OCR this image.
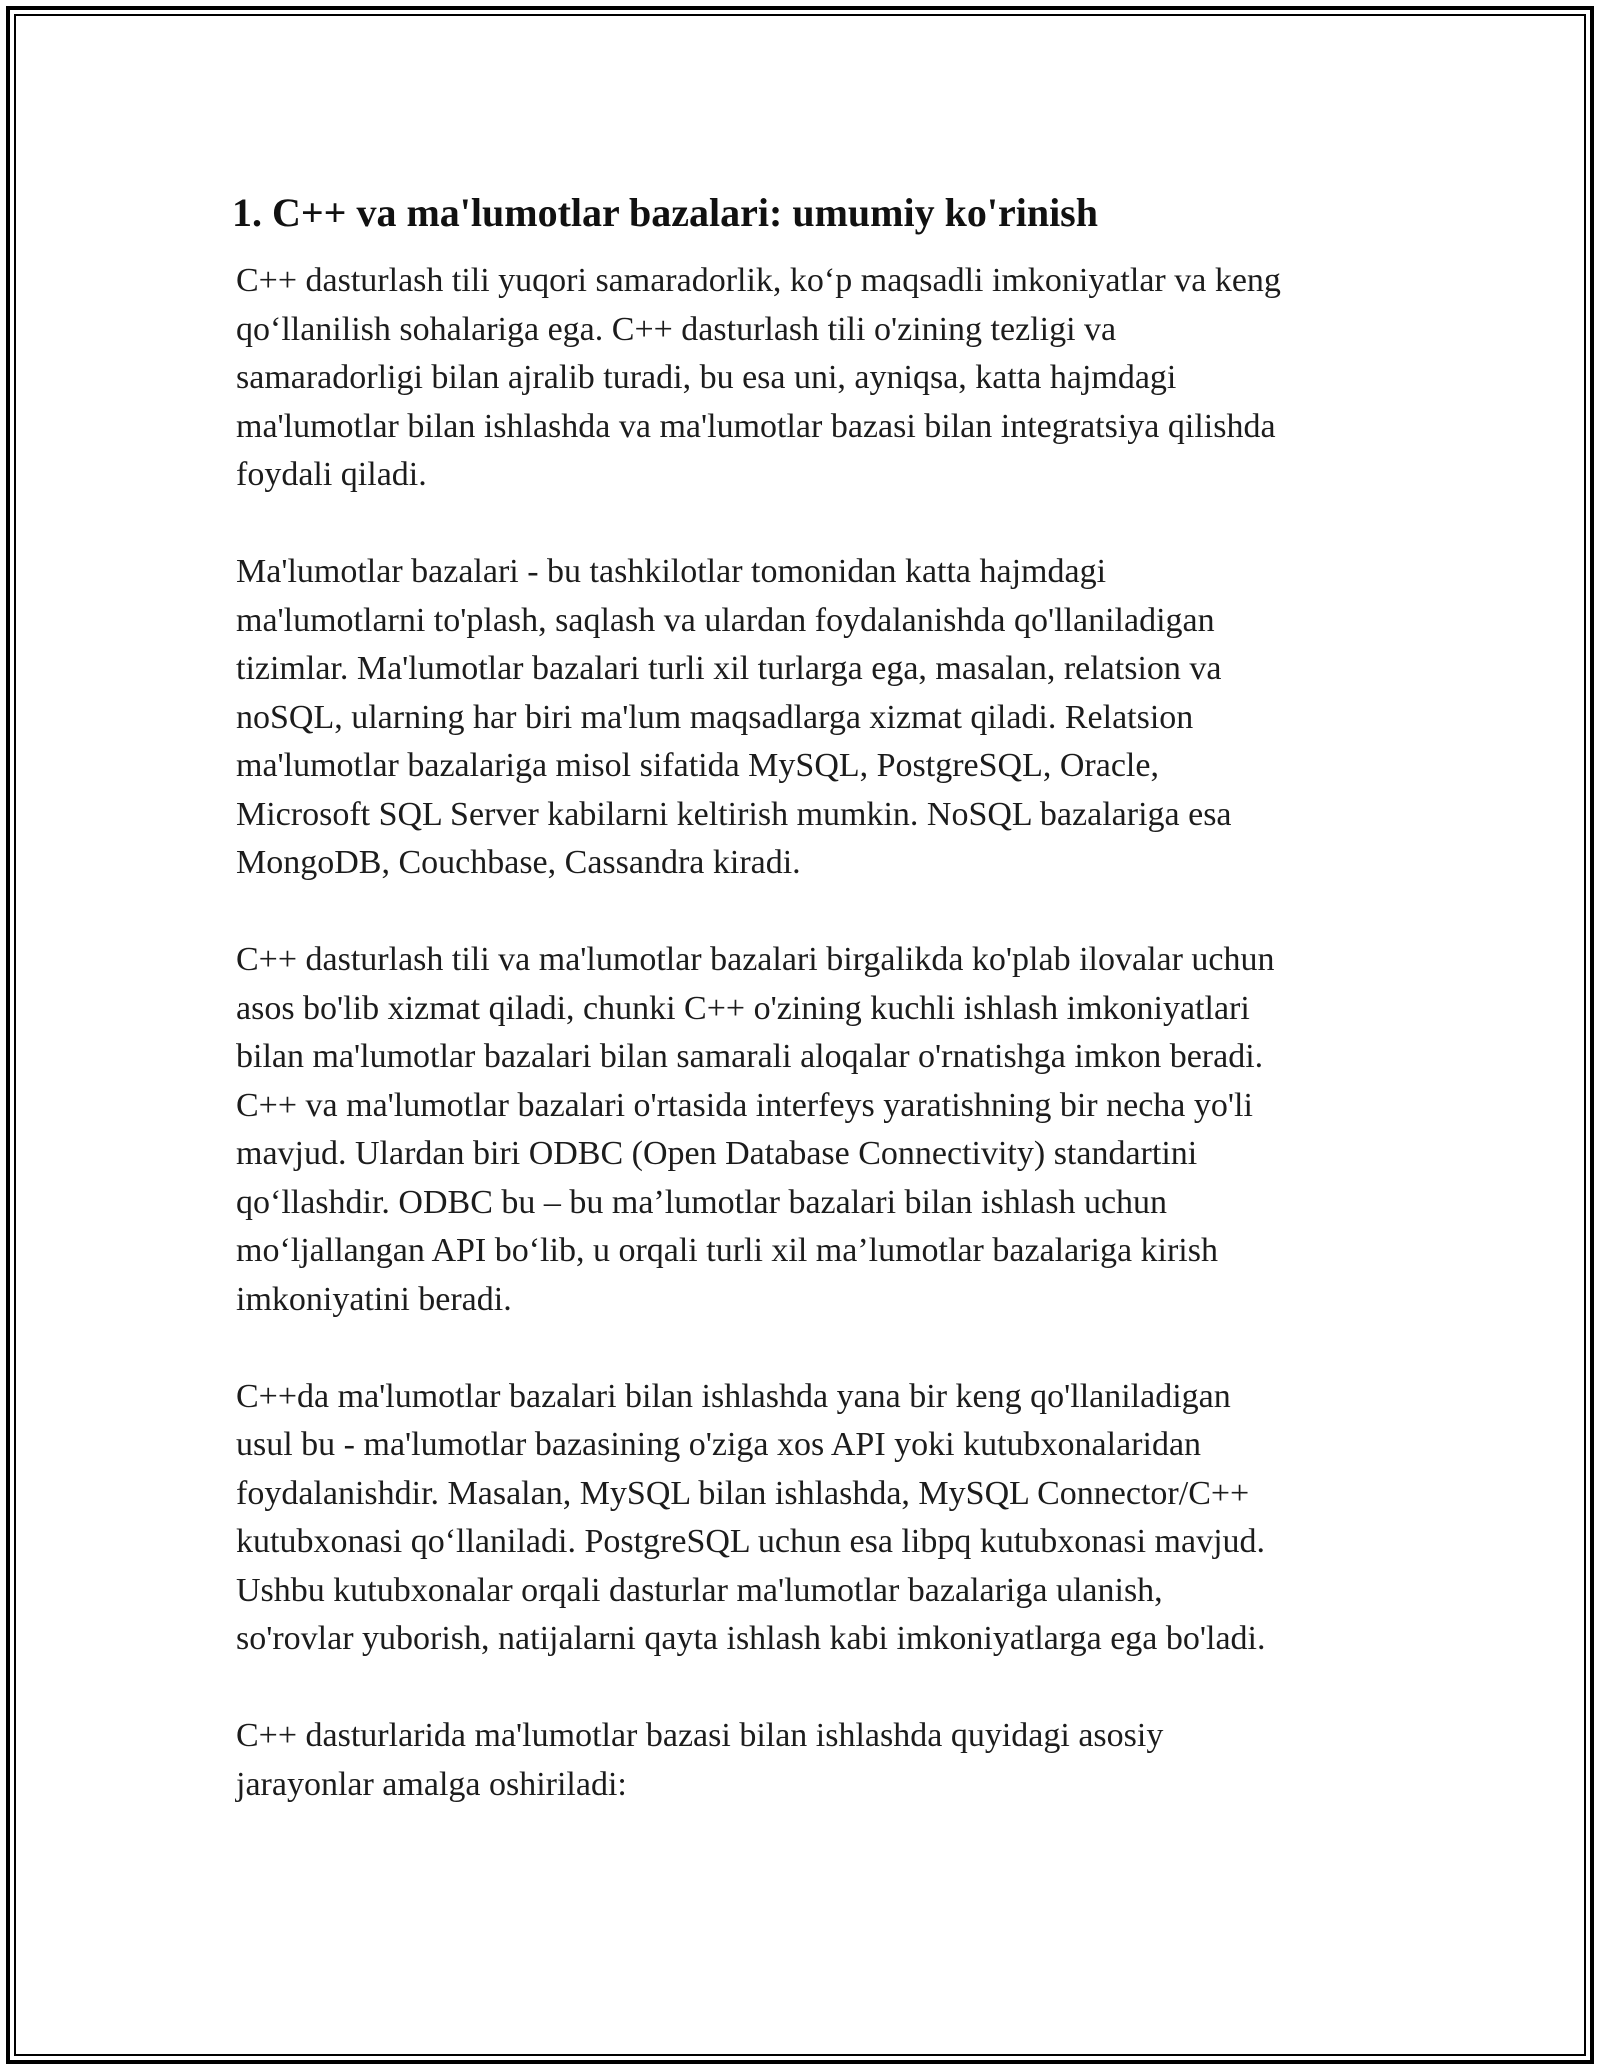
1. C++ va ma'lumotlar bazalari: umumiy ko'rinish

C++ dasturlash tili yuqori samaradorlik, ko‘p maqsadli imkoniyatlar va keng
qo‘llanilish sohalariga ega. C++ dasturlash tili o'zining tezligi va
samaradorligi bilan ajralib turadi, bu esa uni, ayniqsa, katta hajmdagi
ma'lumotlar bilan ishlashda va ma'lumotlar bazasi bilan integratsiya qilishda
foydali qiladi.

Ma'lumotlar bazalari - bu tashkilotlar tomonidan katta hajmdagi
ma'lumotlarni to'plash, saqlash va ulardan foydalanishda qo'llaniladigan
tizimlar. Ma'lumotlar bazalari turli xil turlarga ega, masalan, relatsion va
noSQL, ularning har biri ma'lum maqsadlarga xizmat qiladi. Relatsion
ma'lumotlar bazalariga misol sifatida MySQL, PostgreSQL, Oracle,
Microsoft SQL Server kabilarni keltirish mumkin. NoSQL bazalariga esa
MongoDB, Couchbase, Cassandra kiradi.

C++ dasturlash tili va ma'lumotlar bazalari birgalikda ko'plab ilovalar uchun
asos bo'lib xizmat qiladi, chunki C++ o'zining kuchli ishlash imkoniyatlari
bilan ma'lumotlar bazalari bilan samarali aloqalar o'rnatishga imkon beradi.
C++ va ma'lumotlar bazalari o'rtasida interfeys yaratishning bir necha yo'li
mavjud. Ulardan biri ODBC (Open Database Connectivity) standartini
qo‘llashdir. ODBC bu – bu ma’lumotlar bazalari bilan ishlash uchun
mo‘ljallangan API bo‘lib, u orqali turli xil ma’lumotlar bazalariga kirish
imkoniyatini beradi.

C++da ma'lumotlar bazalari bilan ishlashda yana bir keng qo'llaniladigan
usul bu - ma'lumotlar bazasining o'ziga xos API yoki kutubxonalaridan
foydalanishdir. Masalan, MySQL bilan ishlashda, MySQL Connector/C++
kutubxonasi qo‘llaniladi. PostgreSQL uchun esa libpq kutubxonasi mavjud.
Ushbu kutubxonalar orqali dasturlar ma'lumotlar bazalariga ulanish,
so'rovlar yuborish, natijalarni qayta ishlash kabi imkoniyatlarga ega bo'ladi.

C++ dasturlarida ma'lumotlar bazasi bilan ishlashda quyidagi asosiy
jarayonlar amalga oshiriladi:
